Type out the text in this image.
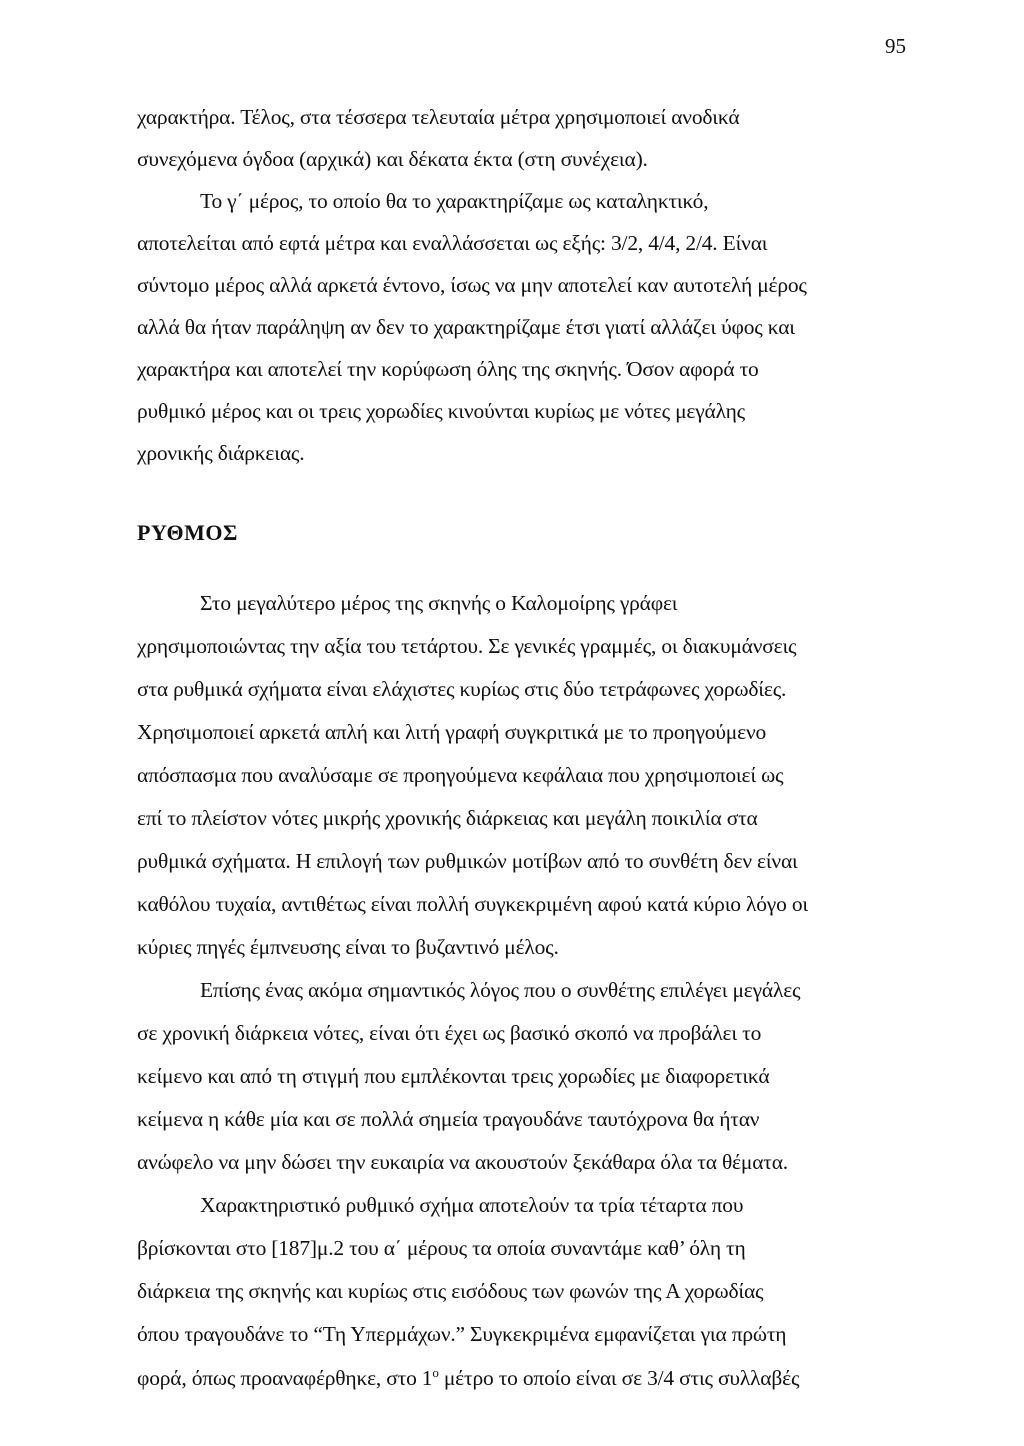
95
χαρακτήρα. Τέλος, στα τέσσερα τελευταία μέτρα χρησιμοποιεί ανοδικά
συνεχόμενα όγδοα (αρχικά) και δέκατα έκτα (στη συνέχεια).
Το γ΄ μέρος, το οποίο θα το χαρακτηρίζαμε ως καταληκτικό,
αποτελείται από εφτά μέτρα και εναλλάσσεται ως εξής: 3/2, 4/4, 2/4. Είναι
σύντομο μέρος αλλά αρκετά έντονο, ίσως να μην αποτελεί καν αυτοτελή μέρος
αλλά θα ήταν παράληψη αν δεν το χαρακτηρίζαμε έτσι γιατί αλλάζει ύφος και
χαρακτήρα και αποτελεί την κορύφωση όλης της σκηνής. Όσον αφορά το
ρυθμικό μέρος και οι τρεις χορωδίες κινούνται κυρίως με νότες μεγάλης
χρονικής διάρκειας.
ΡΥΘΜΟΣ
Στο μεγαλύτερο μέρος της σκηνής ο Καλομοίρης γράφει
χρησιμοποιώντας την αξία του τετάρτου. Σε γενικές γραμμές, οι διακυμάνσεις
στα ρυθμικά σχήματα είναι ελάχιστες κυρίως στις δύο τετράφωνες χορωδίες.
Χρησιμοποιεί αρκετά απλή και λιτή γραφή συγκριτικά με το προηγούμενο
απόσπασμα που αναλύσαμε σε προηγούμενα κεφάλαια που χρησιμοποιεί ως
επί το πλείστον νότες μικρής χρονικής διάρκειας και μεγάλη ποικιλία στα
ρυθμικά σχήματα. Η επιλογή των ρυθμικών μοτίβων από το συνθέτη δεν είναι
καθόλου τυχαία, αντιθέτως είναι πολλή συγκεκριμένη αφού κατά κύριο λόγο οι
κύριες πηγές έμπνευσης είναι το βυζαντινό μέλος.
Επίσης ένας ακόμα σημαντικός λόγος που ο συνθέτης επιλέγει μεγάλες
σε χρονική διάρκεια νότες, είναι ότι έχει ως βασικό σκοπό να προβάλει το
κείμενο και από τη στιγμή που εμπλέκονται τρεις χορωδίες με διαφορετικά
κείμενα η κάθε μία και σε πολλά σημεία τραγουδάνε ταυτόχρονα θα ήταν
ανώφελο να μην δώσει την ευκαιρία να ακουστούν ξεκάθαρα όλα τα θέματα.
Χαρακτηριστικό ρυθμικό σχήμα αποτελούν τα τρία τέταρτα που
βρίσκονται στο [187]μ.2 του α΄ μέρους τα οποία συναντάμε καθ’ όλη τη
διάρκεια της σκηνής και κυρίως στις εισόδους των φωνών της Α χορωδίας
όπου τραγουδάνε το “Τη Υπερμάχων.” Συγκεκριμένα εμφανίζεται για πρώτη
φορά, όπως προαναφέρθηκε, στο $1^o$ μέτρο το οποίο είναι σε 3/4 στις συλλαβές
